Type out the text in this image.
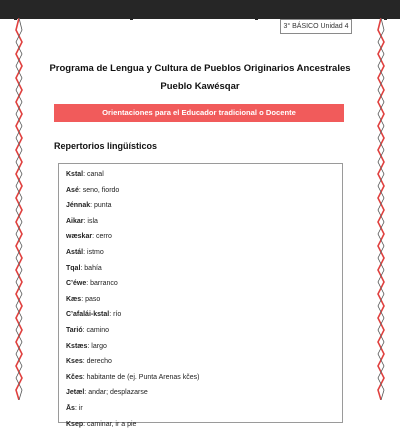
3° BÁSICO Unidad 4
Programa de Lengua y Cultura de Pueblos Originarios Ancestrales
Pueblo Kawésqar
Orientaciones para el Educador tradicional o Docente
Repertorios lingüísticos
Kstal: canal
Asé: seno, fiordo
Jénnak: punta
Aikar: isla
wæskar: cerro
Astál: istmo
Tqal: bahía
C’éwe: barranco
Kæs: paso
C’afalái-kstal: río
Tarió: camino
Kstæs: largo
Kses: derecho
Kčes: habitante de (ej. Punta Arenas kčes)
Jetæl: andar; desplazarse
Ās: ir
Ksep: caminar, ir a pie
